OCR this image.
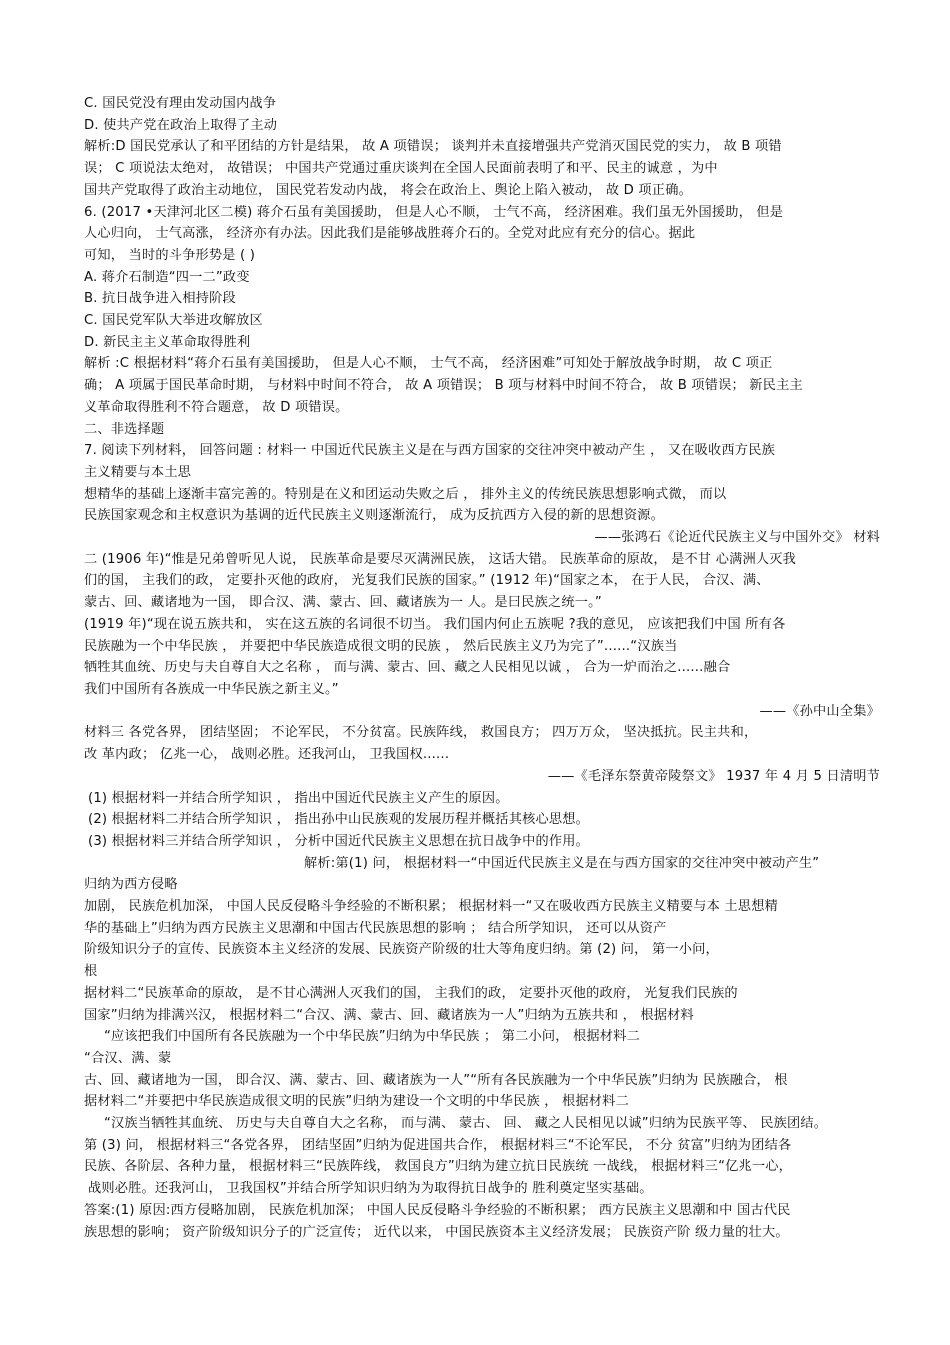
C. 国民党没有理由发动国内战争
D. 使共产党在政治上取得了主动
解析:D 国民党承认了和平团结的方针是结果， 故 A 项错误； 谈判并未直接增强共产党消灭国民党的实力， 故 B 项错
误； C 项说法太绝对， 故错误； 中国共产党通过重庆谈判在全国人民面前表明了和平、民主的诚意 ，为中
国共产党取得了政治主动地位， 国民党若发动内战， 将会在政治上、舆论上陷入被动， 故 D 项正确。
6. (2017 •天津河北区二模) 蒋介石虽有美国援助， 但是人心不顺， 士气不高， 经济困难。我们虽无外国援助， 但是
人心归向， 士气高涨， 经济亦有办法。因此我们是能够战胜蒋介石的。全党对此应有充分的信心。据此
可知， 当时的斗争形势是 ( )
A. 蒋介石制造“四一二”政变
B. 抗日战争进入相持阶段
C. 国民党军队大举进攻解放区
D. 新民主主义革命取得胜利
解析 :C 根据材料“蒋介石虽有美国援助， 但是人心不顺， 士气不高， 经济困难”可知处于解放战争时期， 故 C 项正
确； A 项属于国民革命时期， 与材料中时间不符合， 故 A 项错误； B 项与材料中时间不符合， 故 B 项错误； 新民主主
义革命取得胜利不符合题意， 故 D 项错误。
二、非选择题
7. 阅读下列材料， 回答问题 : 材料一 中国近代民族主义是在与西方国家的交往冲突中被动产生 ， 又在吸收西方民族
主义精要与本土思
想精华的基础上逐渐丰富完善的。特别是在义和团运动失败之后 ， 排外主义的传统民族思想影响式微， 而以
民族国家观念和主权意识为基调的近代民族主义则逐渐流行， 成为反抗西方入侵的新的思想资源。
——张鸿石《论近代民族主义与中国外交》 材料
二 (1906 年)“惟是兄弟曾听见人说， 民族革命是要尽灭满洲民族， 这话大错。 民族革命的原故， 是不甘 心满洲人灭我
们的国， 主我们的政， 定要扑灭他的政府， 光复我们民族的国家。” (1912 年)“国家之本， 在于人民， 合汉、满、
蒙古、回、藏诸地为一国， 即合汉、满、蒙古、回、藏诸族为一 人。是曰民族之统一。”
(1919 年)“现在说五族共和， 实在这五族的名词很不切当。 我们国内何止五族呢 ?我的意见， 应该把我们中国 所有各
民族融为一个中华民族 ， 并要把中华民族造成很文明的民族 ， 然后民族主义乃为完了”......“汉族当
牺牲其血统、历史与夫自尊自大之名称 ， 而与满、蒙古、回、藏之人民相见以诚 ， 合为一炉而治之......融合
我们中国所有各族成一中华民族之新主义。”
——《孙中山全集》
材料三 各党各界， 团结坚固； 不论军民， 不分贫富。民族阵线， 救国良方； 四万万众， 坚决抵抗。民主共和，
改 革内政； 亿兆一心， 战则必胜。还我河山， 卫我国权......
——《毛泽东祭黄帝陵祭文》 1937 年 4 月 5 日清明节
(1) 根据材料一并结合所学知识 ， 指出中国近代民族主义产生的原因。
(2) 根据材料二并结合所学知识 ， 指出孙中山民族观的发展历程并概括其核心思想。
(3) 根据材料三并结合所学知识 ， 分析中国近代民族主义思想在抗日战争中的作用。
解析:第(1) 问， 根据材料一“中国近代民族主义是在与西方国家的交往冲突中被动产生”
归纳为西方侵略
加剧， 民族危机加深， 中国人民反侵略斗争经验的不断积累； 根据材料一“又在吸收西方民族主义精要与本 土思想精
华的基础上”归纳为西方民族主义思潮和中国古代民族思想的影响 ； 结合所学知识， 还可以从资产
阶级知识分子的宣传、民族资本主义经济的发展、民族资产阶级的壮大等角度归纳。第 (2) 问， 第一小问，
根
据材料二“民族革命的原故， 是不甘心满洲人灭我们的国， 主我们的政， 定要扑灭他的政府， 光复我们民族的
国家”归纳为排满兴汉， 根据材料二“合汉、满、蒙古、回、藏诸族为一人”归纳为五族共和 ， 根据材料
“应该把我们中国所有各民族融为一个中华民族”归纳为中华民族 ； 第二小问， 根据材料二
“合汉、满、蒙
古、回、藏诸地为一国， 即合汉、满、蒙古、回、藏诸族为一人”“所有各民族融为一个中华民族”归纳为 民族融合， 根
据材料二“并要把中华民族造成很文明的民族”归纳为建设一个文明的中华民族 ， 根据材料二
“汉族当牺牲其血统、 历史与夫自尊自大之名称， 而与满、 蒙古、 回、 藏之人民相见以诚”归纳为民族平等、 民族团结。
第 (3) 问， 根据材料三“各党各界， 团结坚固”归纳为促进国共合作， 根据材料三“不论军民， 不分 贫富”归纳为团结各
民族、各阶层、各种力量， 根据材料三“民族阵线， 救国良方”归纳为建立抗日民族统 一战线， 根据材料三“亿兆一心，
战则必胜。还我河山， 卫我国权”并结合所学知识归纳为为取得抗日战争的 胜利奠定坚实基础。
答案:(1) 原因:西方侵略加剧， 民族危机加深； 中国人民反侵略斗争经验的不断积累； 西方民族主义思潮和中 国古代民
族思想的影响； 资产阶级知识分子的广泛宣传； 近代以来， 中国民族资本主义经济发展； 民族资产阶 级力量的壮大。
